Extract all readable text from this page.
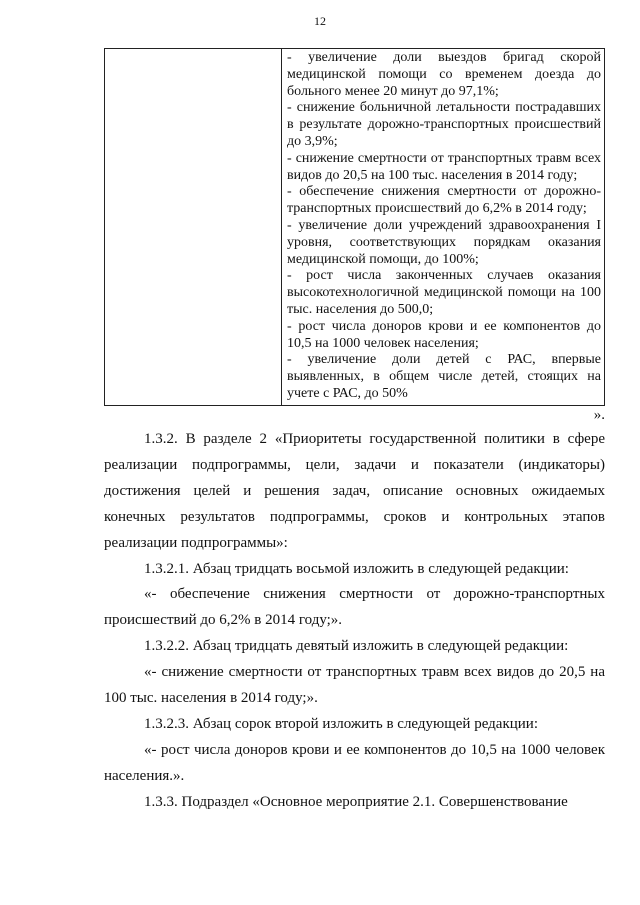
12

- увеличение доли выездов бригад скорой медицинской помощи со временем доезда до больного менее 20 минут до 97,1%;
- снижение больничной летальности пострадавших в результате дорожно-транспортных происшествий до 3,9%;
- снижение смертности от транспортных травм всех видов до 20,5 на 100 тыс. населения в 2014 году;
- обеспечение снижения смертности от дорожно-транспортных происшествий до 6,2% в 2014 году;
- увеличение доли учреждений здравоохранения I уровня, соответствующих порядкам оказания медицинской помощи, до 100%;
- рост числа законченных случаев оказания высокотехнологичной медицинской помощи на 100 тыс. населения до 500,0;
- рост числа доноров крови и ее компонентов до 10,5 на 1000 человек населения;
- увеличение доли детей с РАС, впервые выявленных, в общем числе детей, стоящих на учете с РАС, до 50%
».

1.3.2. В разделе 2 «Приоритеты государственной политики в сфере реализации подпрограммы, цели, задачи и показатели (индикаторы) достижения целей и решения задач, описание основных ожидаемых конечных результатов подпрограммы, сроков и контрольных этапов реализации подпрограммы»:

1.3.2.1. Абзац тридцать восьмой изложить в следующей редакции:

«- обеспечение снижения смертности от дорожно-транспортных происшествий до 6,2% в 2014 году;».

1.3.2.2. Абзац тридцать девятый изложить в следующей редакции:

«- снижение смертности от транспортных травм всех видов до 20,5 на 100 тыс. населения в 2014 году;».

1.3.2.3. Абзац сорок второй изложить в следующей редакции:

«- рост числа доноров крови и ее компонентов до 10,5 на 1000 человек населения.».

1.3.3. Подраздел «Основное мероприятие 2.1. Совершенствование
